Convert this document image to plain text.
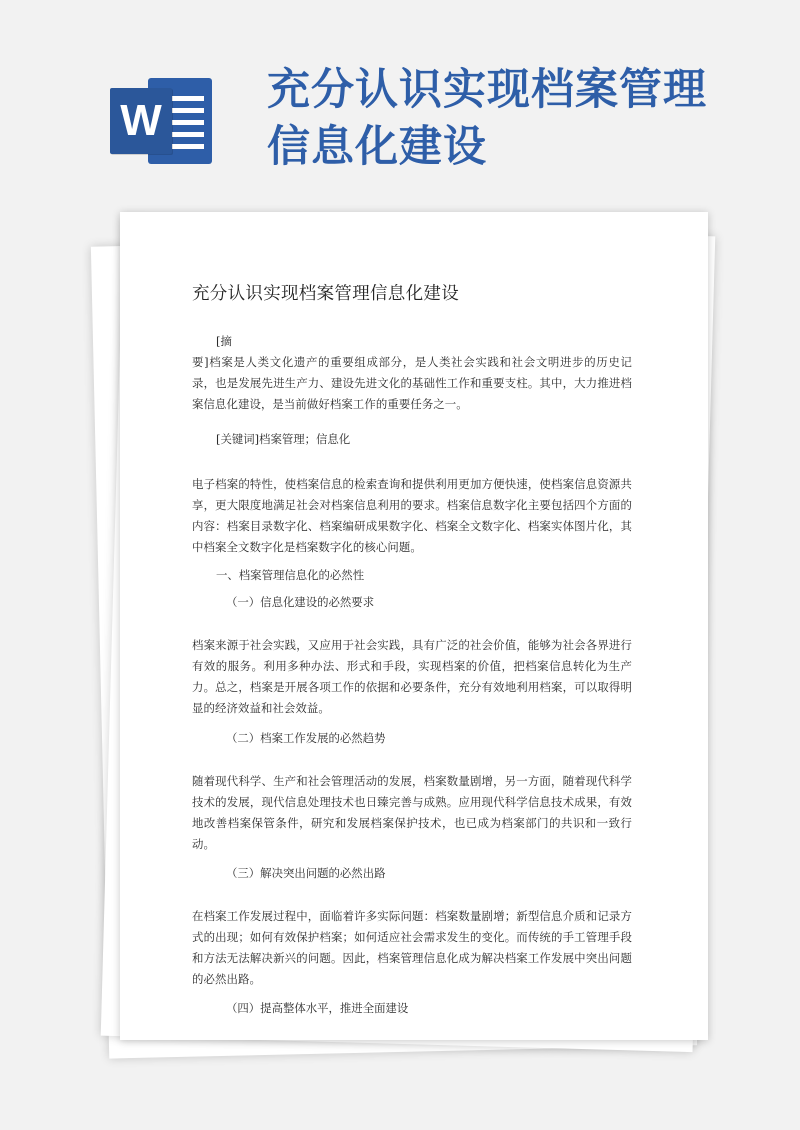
W
充分认识实现档案管理信息化建设
充分认识实现档案管理信息化建设

[摘

要]档案是人类文化遗产的重要组成部分，是人类社会实践和社会文明进步的历史记录，也是发展先进生产力、建设先进文化的基础性工作和重要支柱。其中，大力推进档案信息化建设，是当前做好档案工作的重要任务之一。

[关键词]档案管理；信息化

电子档案的特性，使档案信息的检索查询和提供利用更加方便快速，使档案信息资源共享，更大限度地满足社会对档案信息利用的要求。档案信息数字化主要包括四个方面的内容：档案目录数字化、档案编研成果数字化、档案全文数字化、档案实体图片化，其中档案全文数字化是档案数字化的核心问题。

一、档案管理信息化的必然性

（一）信息化建设的必然要求

档案来源于社会实践，又应用于社会实践，具有广泛的社会价值，能够为社会各界进行有效的服务。利用多种办法、形式和手段，实现档案的价值，把档案信息转化为生产力。总之，档案是开展各项工作的依据和必要条件，充分有效地利用档案，可以取得明显的经济效益和社会效益。

（二）档案工作发展的必然趋势

随着现代科学、生产和社会管理活动的发展，档案数量剧增，另一方面，随着现代科学技术的发展，现代信息处理技术也日臻完善与成熟。应用现代科学信息技术成果，有效地改善档案保管条件，研究和发展档案保护技术，也已成为档案部门的共识和一致行动。

（三）解决突出问题的必然出路

在档案工作发展过程中，面临着许多实际问题：档案数量剧增；新型信息介质和记录方式的出现；如何有效保护档案；如何适应社会需求发生的变化。而传统的手工管理手段和方法无法解决新兴的问题。因此，档案管理信息化成为解决档案工作发展中突出问题的必然出路。

（四）提高整体水平，推进全面建设
